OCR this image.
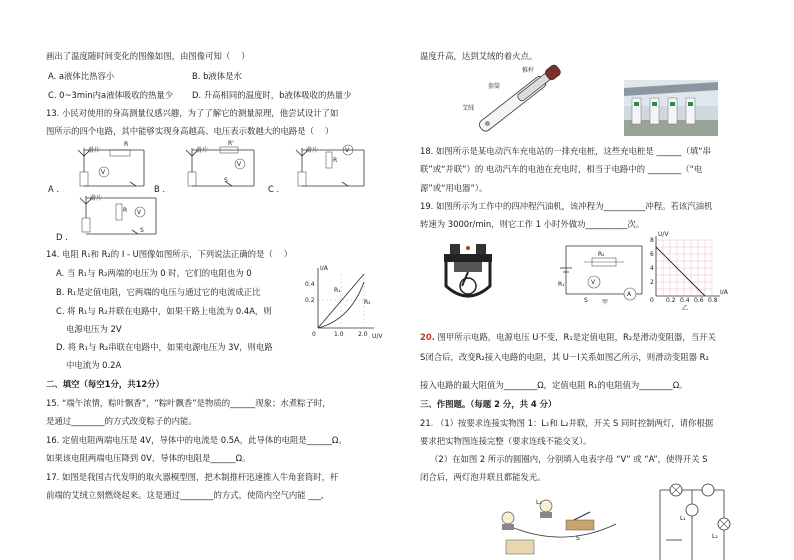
画出了温度随时间变化的图像如图，由图像可知（　 ）
A. a液体比热容小	B. b液体是水
C. 0~3min内a液体吸收的热量少 D. 升高相同的温度时，b液体吸收的热量少
13. 小民对使用的身高测量仪感兴趣，为了了解它的测量原理，他尝试设计了如
图所示的四个电路，其中能够实现身高越高、电压表示数越大的电路是（　 ）
A .	B .	C .
D .
滑片
R
V
滑片
R'
V
S
滑片
R
V
滑片
R V
S
14. 电阻 R₁和 R₂的 I - U图像如图所示，下列说法正确的是（　 ）
A. 当 R₁与 R₂两端的电压为 0 时，它们的电阻也为 0
B. R₁是定值电阻，它两端的电压与通过它的电流成正比
C. 将 R₁与 R₂并联在电路中，如果干路上电流为 0.4A，则
电源电压为 2V
D. 将 R₁与 R₂串联在电路中，如果电源电压为 3V，则电路
中电流为 0.2A
I/A
U/V
0.4
0.2
0	1.0 2.0
R₁
R₂
二、填空（每空1分，共12分）
15. “端午浓情，粽叶飘香”，“粽叶飘香”是物质的______现象；水煮粽子时，
是通过________的方式改变粽子的内能。
16. 定值电阻两端电压是 4V，导体中的电流是 0.5A，此导体的电阻是______Ω。
如果该电阻两端电压降到 0V，导体的电阻是______Ω。
17. 如图是我国古代发明的取火器模型图，把木制推杆迅速推入牛角套筒时，杆
前端的艾绒立刻燃烧起来。这是通过________的方式，使筒内空气内能 ___,
温度升高，达到艾绒的着火点。
推杆
套筒
艾绒
18. 如图所示是某电动汽车充电站的一排充电桩，这些充电桩是 ______（填“串
联”或“并联”）的 电动汽车的电池在充电时，相当于电路中的 ________（“电
源”或“用电器”）。
19. 如图所示为工作中的四冲程汽油机，该冲程为__________冲程。若该汽油机
转速为 3000r/min，则它工作 1 小时外做功__________次。
R₂
R₁	V
A
S 甲
8
6
4
2
0 0.2 0.4 0.6 0.8
U/V
I/A
乙
20. 图甲所示电路，电源电压 U不变，R₁是定值电阻，R₂是滑动变阻器，当开关
S闭合后，改变R₂接入电路的电阻，其 U－I关系如图乙所示，则滑动变阻器 R₂
接入电路的最大阻值为________Ω，定值电阻 R₁的电阻值为________Ω。
三、作图题。（每题 2 分，共 4 分）
21. （1）按要求连接实物图 1：L₁和 L₂并联，开关 S 同时控制两灯，请你根据
要求把实物图连接完整（要求连线不能交叉）。
（2）在如图 2 所示的圆圈内，分别填入电表字母 “V” 或 “A”，使得开关 S
闭合后，两灯泡并联且都能发光。
L₂
S
L₁
L₂
